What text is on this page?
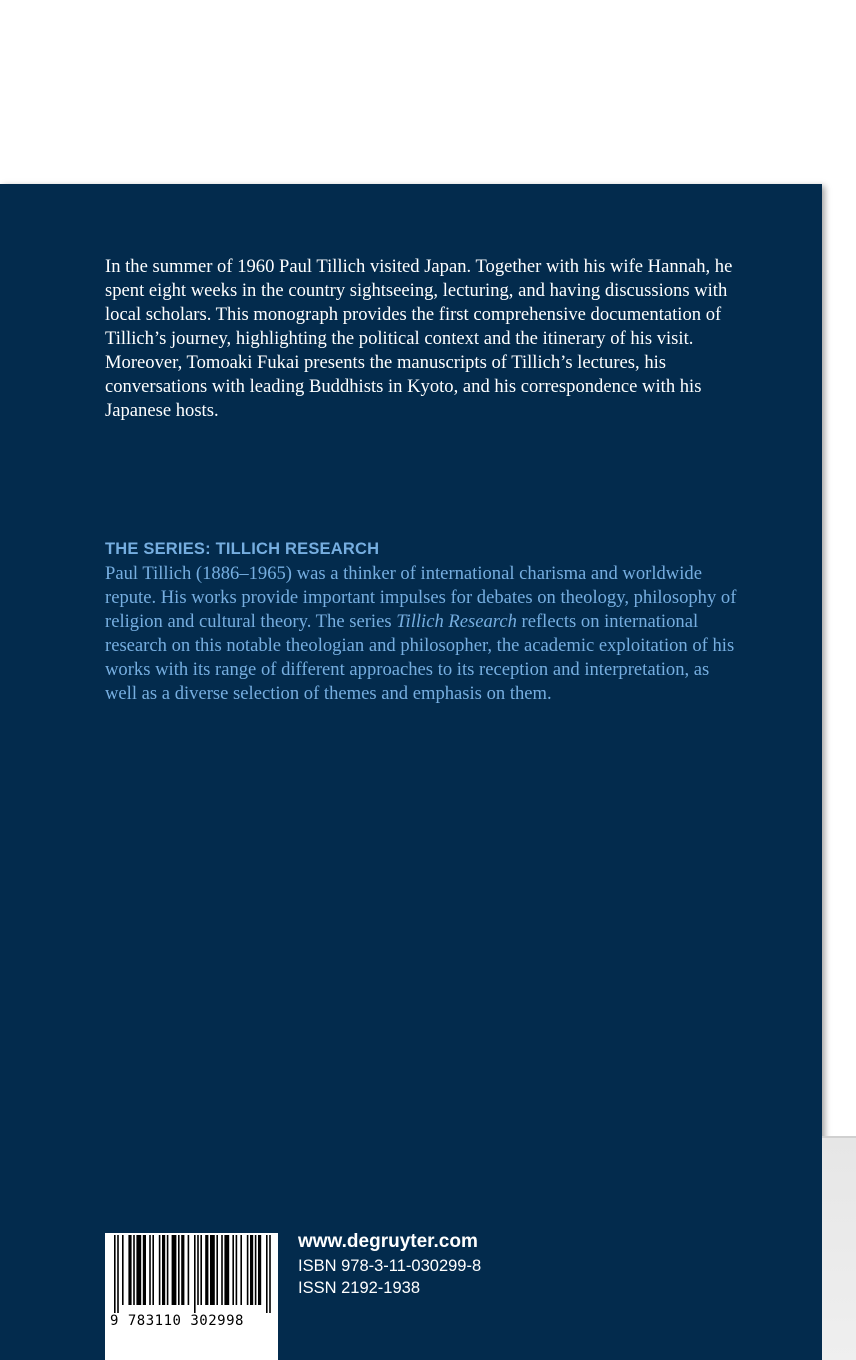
In the summer of 1960 Paul Tillich visited Japan. Together with his wife Hannah, he spent eight weeks in the country sightseeing, lecturing, and having discussions with local scholars. This monograph provides the first comprehensive documentation of Tillich’s journey, highlighting the political context and the itinerary of his visit. Moreover, Tomoaki Fukai presents the manuscripts of Tillich’s lectures, his conversations with leading Buddhists in Kyoto, and his correspondence with his Japanese hosts.

THE SERIES: TILLICH RESEARCH

Paul Tillich (1886–1965) was a thinker of international charisma and worldwide repute. His works provide important impulses for debates on theology, philosophy of religion and cultural theory. The series Tillich Research reflects on international research on this notable theologian and philosopher, the academic exploitation of his works with its range of different approaches to its reception and interpretation, as well as a diverse selection of themes and emphasis on them.

9 783110 302998
www.degruyter.com
ISBN 978-3-11-030299-8
ISSN 2192-1938
